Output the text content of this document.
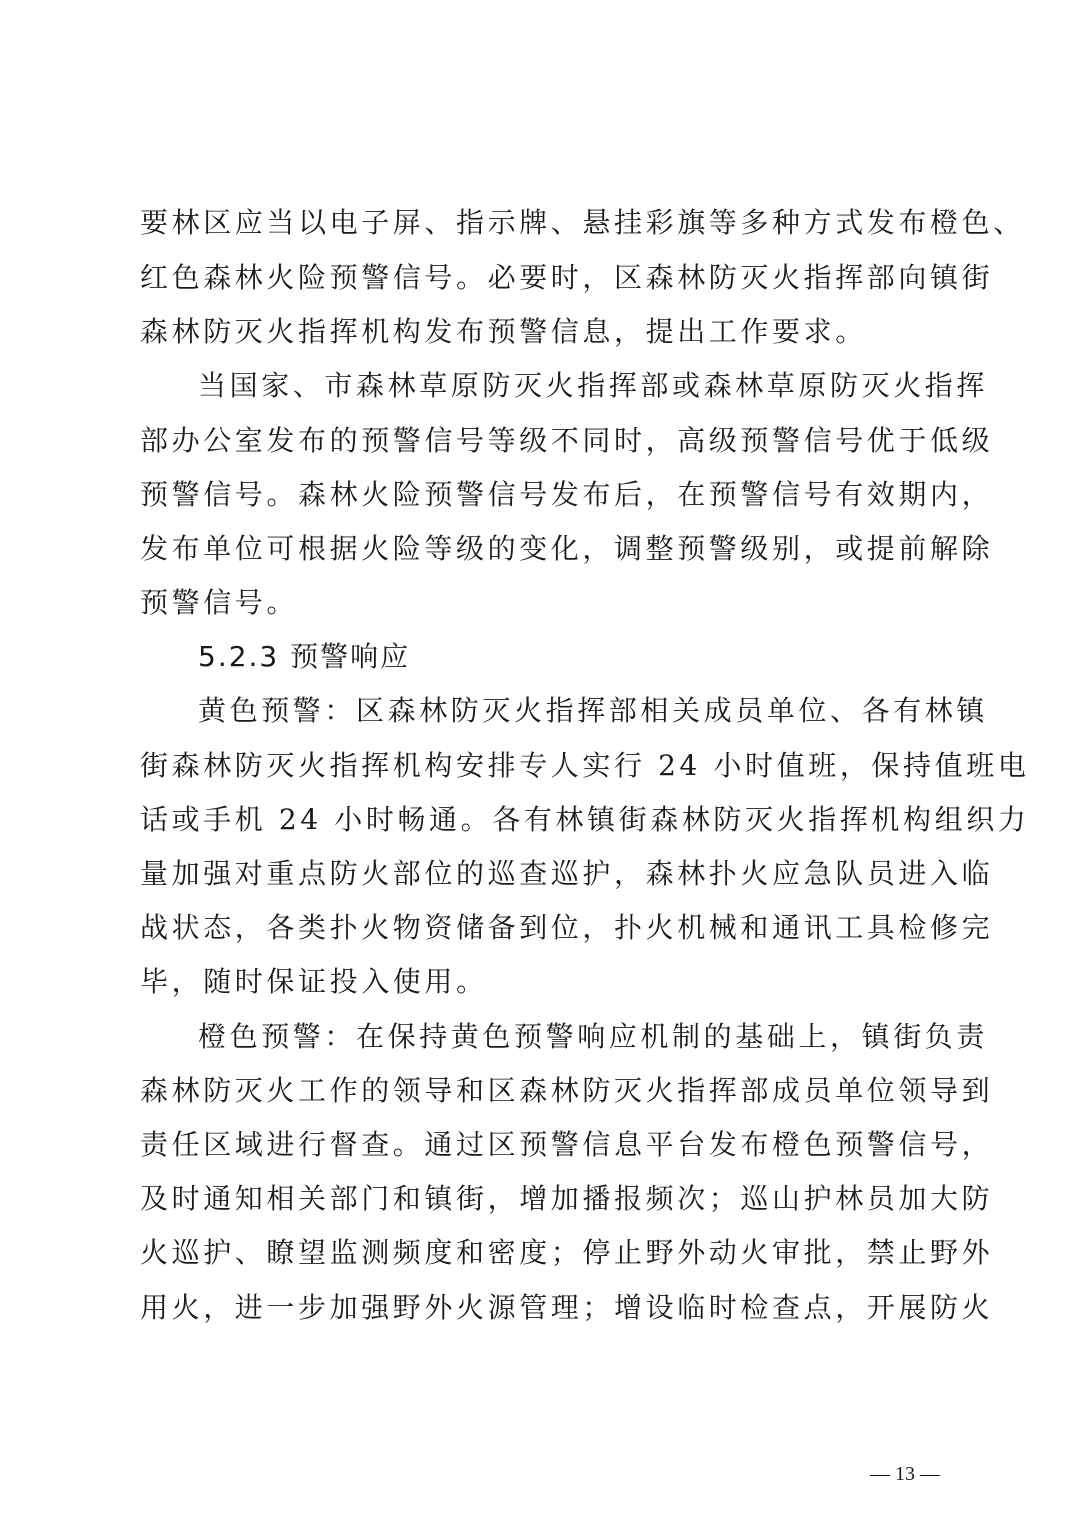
要林区应当以电子屏、指示牌、悬挂彩旗等多种方式发布橙色、
红色森林火险预警信号。必要时，区森林防灭火指挥部向镇街
森林防灭火指挥机构发布预警信息，提出工作要求。
当国家、市森林草原防灭火指挥部或森林草原防灭火指挥
部办公室发布的预警信号等级不同时，高级预警信号优于低级
预警信号。森林火险预警信号发布后，在预警信号有效期内，
发布单位可根据火险等级的变化，调整预警级别，或提前解除
预警信号。
5.2.3 预警响应
黄色预警：区森林防灭火指挥部相关成员单位、各有林镇
街森林防灭火指挥机构安排专人实行 24 小时值班，保持值班电
话或手机 24 小时畅通。各有林镇街森林防灭火指挥机构组织力
量加强对重点防火部位的巡查巡护，森林扑火应急队员进入临
战状态，各类扑火物资储备到位，扑火机械和通讯工具检修完
毕，随时保证投入使用。
橙色预警：在保持黄色预警响应机制的基础上，镇街负责
森林防灭火工作的领导和区森林防灭火指挥部成员单位领导到
责任区域进行督查。通过区预警信息平台发布橙色预警信号，
及时通知相关部门和镇街，增加播报频次；巡山护林员加大防
火巡护、瞭望监测频度和密度；停止野外动火审批，禁止野外
用火，进一步加强野外火源管理；增设临时检查点，开展防火
— 13 —
